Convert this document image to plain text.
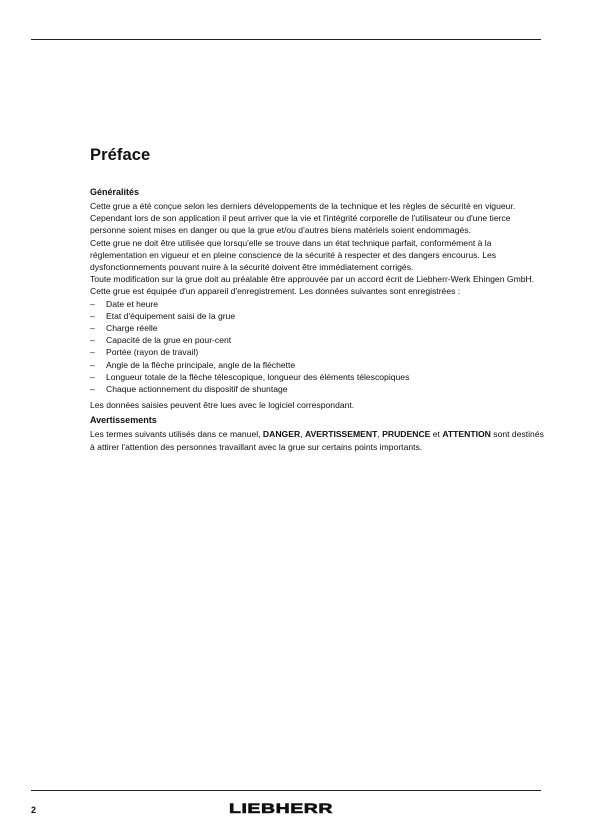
Préface
Généralités

Cette grue a été conçue selon les derniers développements de la technique et les règles de sécurité en vigueur. Cependant lors de son application il peut arriver que la vie et l'intégrité corporelle de l'utilisateur ou d'une tierce personne soient mises en danger ou que la grue et/ou d'autres biens matériels soient endommagés.

Cette grue ne doit être utilisée que lorsqu'elle se trouve dans un état technique parfait, conformément à la réglementation en vigueur et en pleine conscience de la sécurité à respecter et des dangers encourus. Les dysfonctionnements pouvant nuire à la sécurité doivent être immédiatement corrigés.

Toute modification sur la grue doit au préalable être approuvée par un accord écrit de Liebherr-Werk Ehingen GmbH.

Cette grue est équipée d'un appareil d'enregistrement. Les données suivantes sont enregistrées :

– Date et heure
– Etat d'équipement saisi de la grue
– Charge réelle
– Capacité de la grue en pour-cent
– Portée (rayon de travail)
– Angle de la flèche principale, angle de la fléchette
– Longueur totale de la flèche télescopique, longueur des éléments télescopiques
– Chaque actionnement du dispositif de shuntage

Les données saisies peuvent être lues avec le logiciel correspondant.

Avertissements

Les termes suivants utilisés dans ce manuel, DANGER, AVERTISSEMENT, PRUDENCE et ATTENTION sont destinés à attirer l'attention des personnes travaillant avec la grue sur certains points importants.

2	LIEBHERR
